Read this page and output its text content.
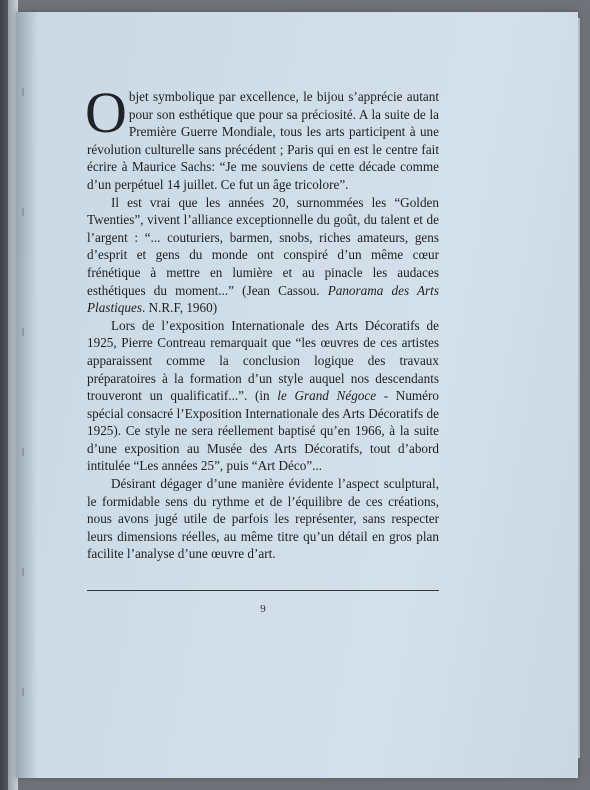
Objet symbolique par excellence, le bijou s’apprécie autant pour son esthétique que pour sa préciosité. A la suite de la Première Guerre Mondiale, tous les arts participent à une révolution culturelle sans précédent ; Paris qui en est le centre fait écrire à Maurice Sachs: “Je me souviens de cette décade comme d’un perpétuel 14 juillet. Ce fut un âge tricolore”.

Il est vrai que les années 20, surnommées les “Golden Twenties”, vivent l’alliance exceptionnelle du goût, du talent et de l’argent : “... couturiers, barmen, snobs, riches amateurs, gens d’esprit et gens du monde ont conspiré d’un même cœur frénétique à mettre en lumière et au pinacle les audaces esthétiques du moment...” (Jean Cassou. Panorama des Arts Plastiques. N.R.F, 1960)

Lors de l’exposition Internationale des Arts Décoratifs de 1925, Pierre Contreau remarquait que “les œuvres de ces artistes apparaissent comme la conclusion logique des travaux préparatoires à la formation d’un style auquel nos descendants trouveront un qualificatif...”. (in le Grand Négoce - Numéro spécial consacré l’Exposition Internationale des Arts Décoratifs de 1925). Ce style ne sera réellement baptisé qu’en 1966, à la suite d’une exposition au Musée des Arts Décoratifs, tout d’abord intitulée “Les années 25”, puis “Art Déco”...

Désirant dégager d’une manière évidente l’aspect sculptural, le formidable sens du rythme et de l’équilibre de ces créations, nous avons jugé utile de parfois les représenter, sans respecter leurs dimensions réelles, au même titre qu’un détail en gros plan facilite l’analyse d’une œuvre d’art.

9
